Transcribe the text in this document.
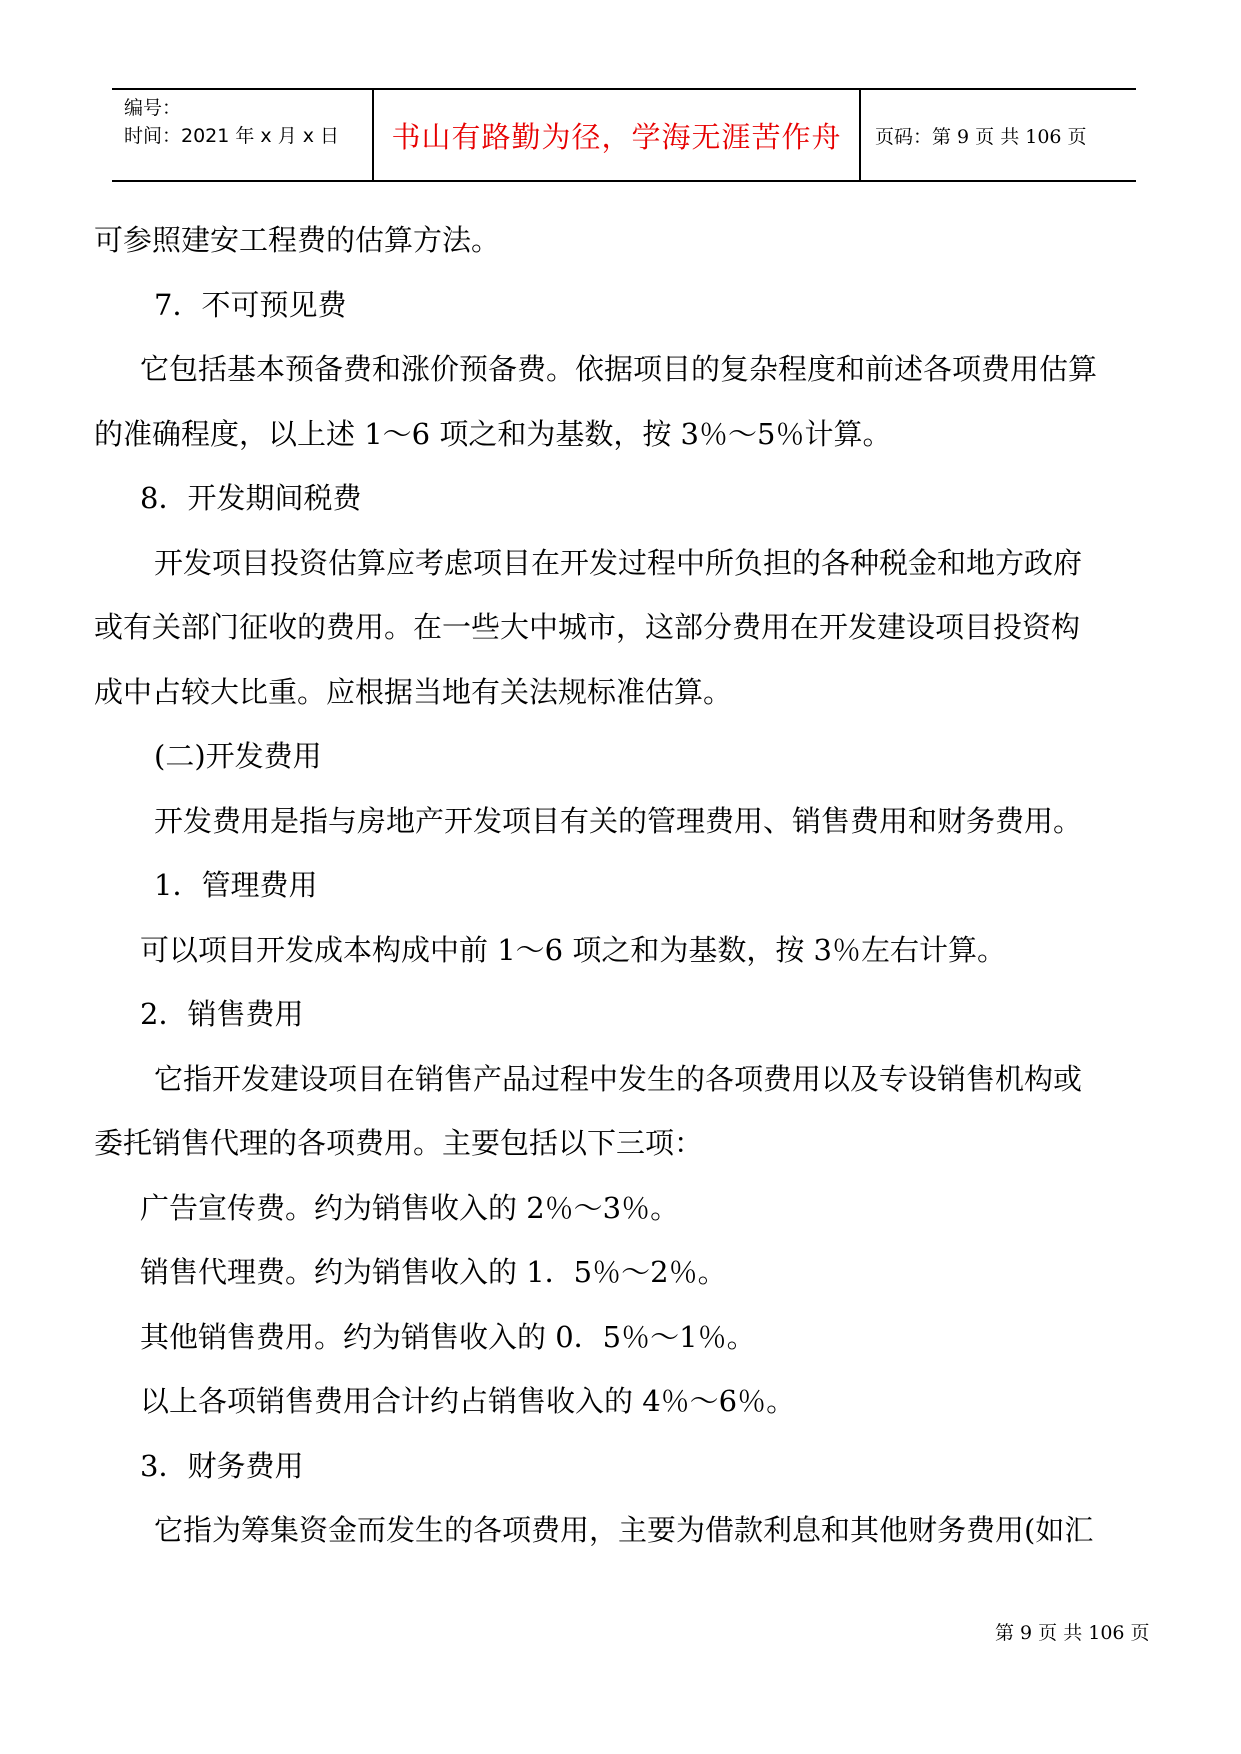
编号：
时间：2021 年 x 月 x 日	书山有路勤为径，学海无涯苦作舟	页码：第 9 页 共 106 页

可参照建安工程费的估算方法。

7．不可预见费

它包括基本预备费和涨价预备费。依据项目的复杂程度和前述各项费用估算

的准确程度，以上述 1～6 项之和为基数，按 3％～5％计算。

8．开发期间税费

开发项目投资估算应考虑项目在开发过程中所负担的各种税金和地方政府

或有关部门征收的费用。在一些大中城市，这部分费用在开发建设项目投资构

成中占较大比重。应根据当地有关法规标准估算。

(二)开发费用

开发费用是指与房地产开发项目有关的管理费用、销售费用和财务费用。

1．管理费用

可以项目开发成本构成中前 1～6 项之和为基数，按 3％左右计算。

2．销售费用

它指开发建设项目在销售产品过程中发生的各项费用以及专设销售机构或

委托销售代理的各项费用。主要包括以下三项：

广告宣传费。约为销售收入的 2％～3％。

销售代理费。约为销售收入的 1．5％～2％。

其他销售费用。约为销售收入的 0．5％～1％。

以上各项销售费用合计约占销售收入的 4％～6％。

3．财务费用

它指为筹集资金而发生的各项费用，主要为借款利息和其他财务费用(如汇

第 9 页 共 106 页
